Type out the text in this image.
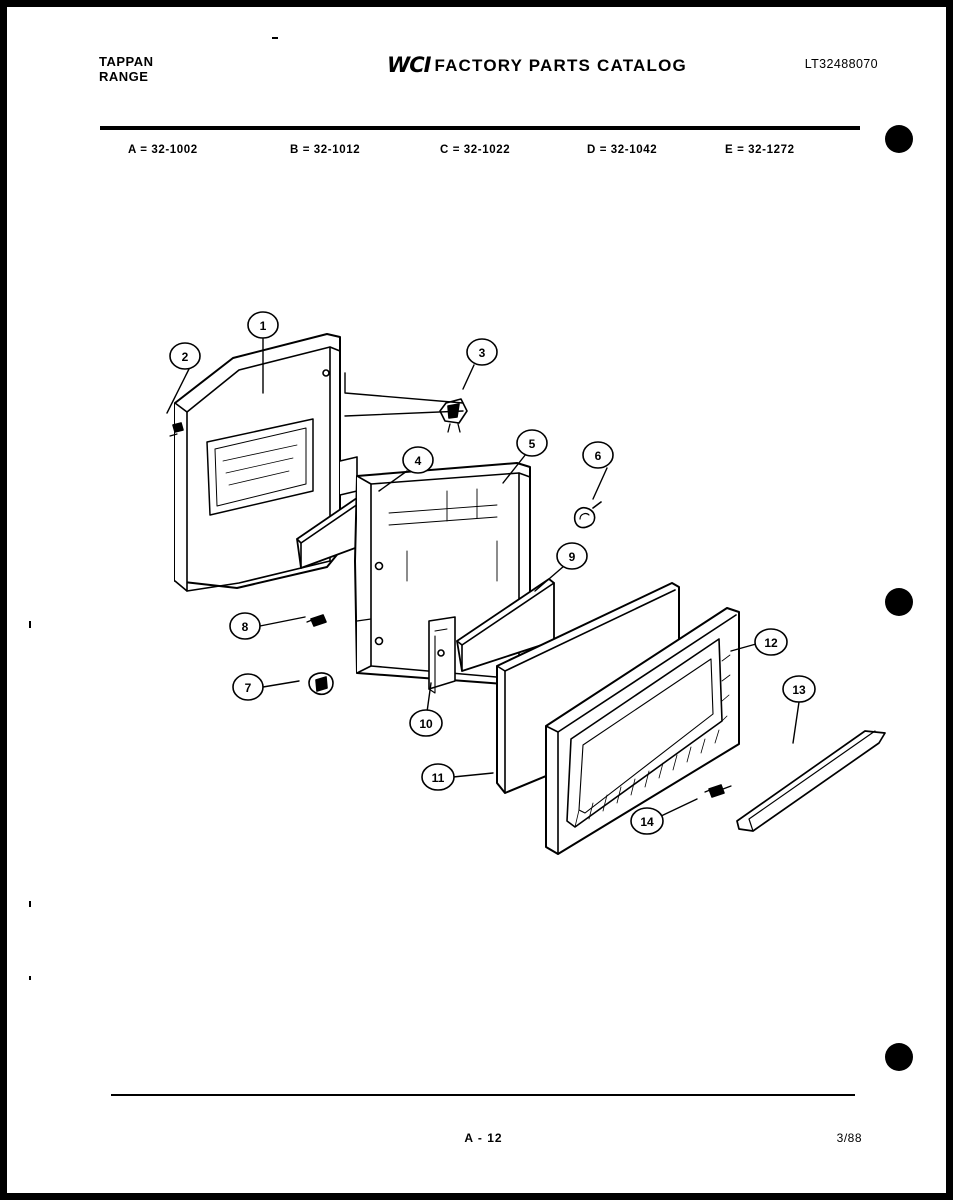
TAPPAN
RANGE	WCI FACTORY PARTS CATALOG	LT32488070
A = 32-1002	B = 32-1012	C = 32-1022	D = 32-1042	E = 32-1272
1
2	3
4
5
6
7
8
9
10
11
12
13
14
A - 12	3/88
